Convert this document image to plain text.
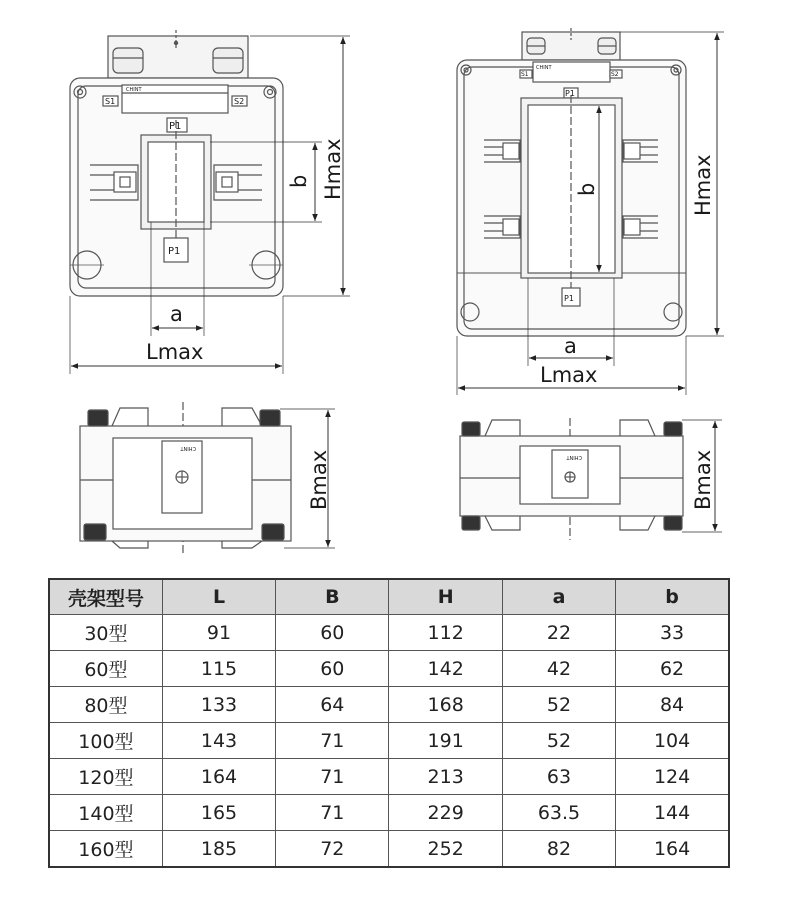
CHINT
S1	S2
P1
P1
Hmax
b
a
Lmax
CHINT
S1	S2
P1
P1
Hmax
b
a
Lmax
CHINT
Bmax	CHINT	Bmax
壳架型号	L	B	H	a	b
30型	91	60	112	22	33
60型	115	60	142	42	62
80型	133	64	168	52	84
100型	143	71	191	52	104
120型	164	71	213	63	124
140型	165	71	229	63.5	144
160型	185	72	252	82	164
